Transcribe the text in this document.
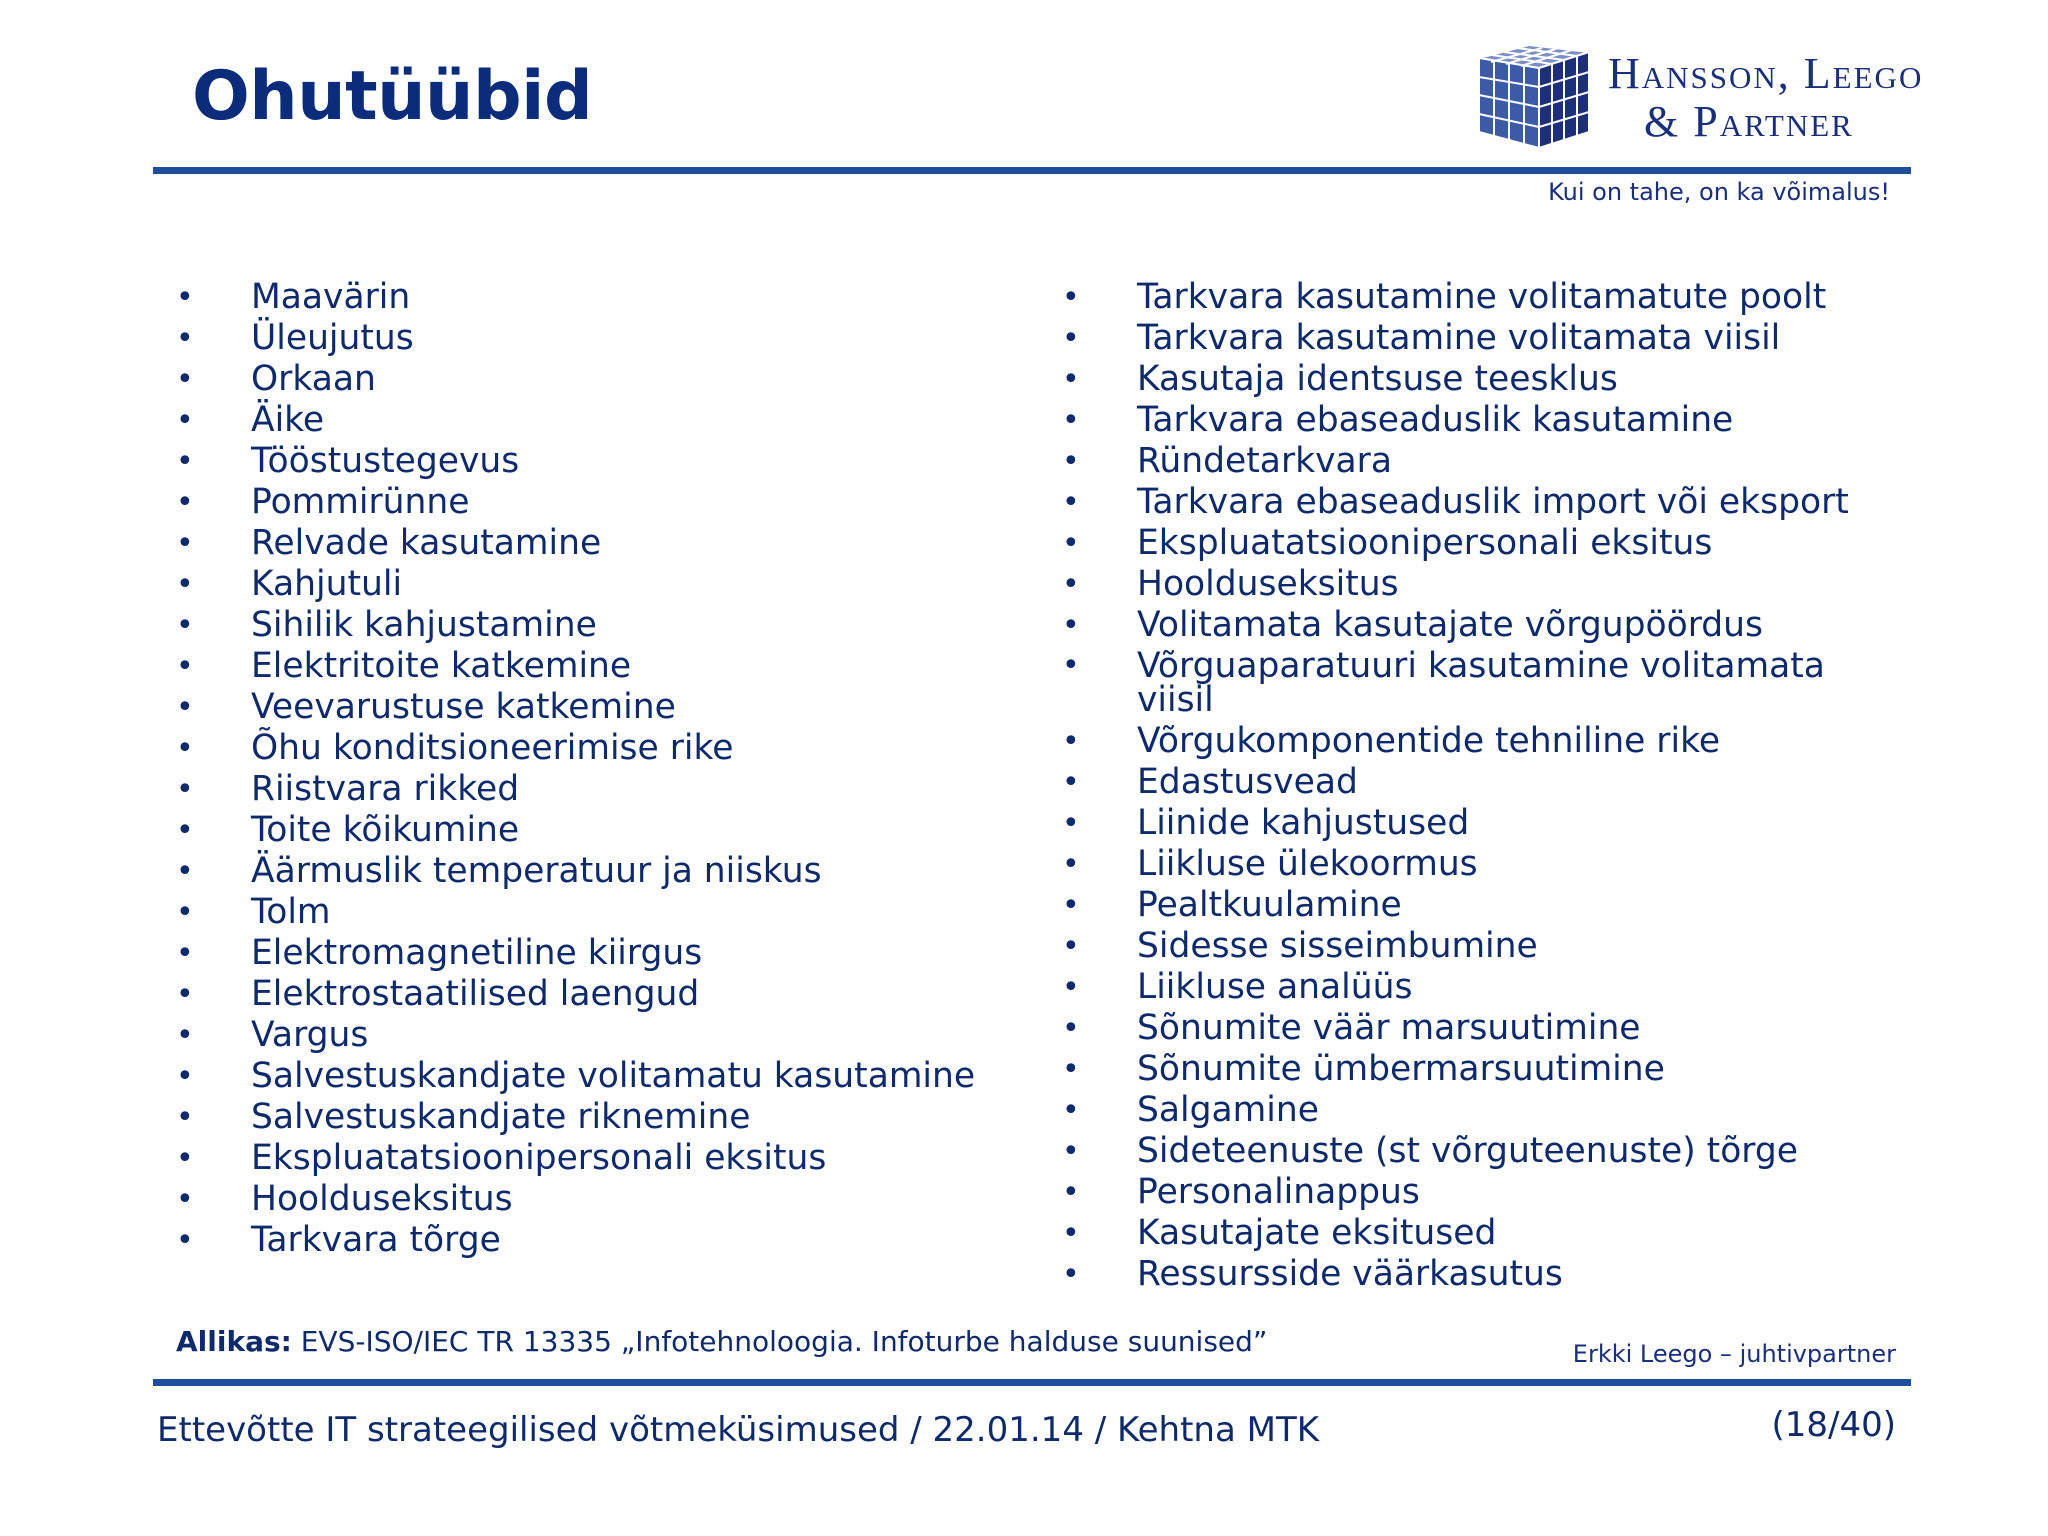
Ohutüübid	Hansson, Leego
& Partner
Kui on tahe, on ka võimalus!
• Maavärin
• Üleujutus
• Orkaan
• Äike
• Tööstustegevus
• Pommirünne
• Relvade kasutamine
• Kahjutuli
• Sihilik kahjustamine
• Elektritoite katkemine
• Veevarustuse katkemine
• Õhu konditsioneerimise rike
• Riistvara rikked
• Toite kõikumine
• Äärmuslik temperatuur ja niiskus
• Tolm
• Elektromagnetiline kiirgus
• Elektrostaatilised laengud
• Vargus
• Salvestuskandjate volitamatu kasutamine
• Salvestuskandjate riknemine
• Ekspluatatsioonipersonali eksitus
• Hoolduseksitus
• Tarkvara tõrge
• Tarkvara kasutamine volitamatute poolt
• Tarkvara kasutamine volitamata viisil
• Kasutaja identsuse teesklus
• Tarkvara ebaseaduslik kasutamine
• Ründetarkvara
• Tarkvara ebaseaduslik import või eksport
• Ekspluatatsioonipersonali eksitus
• Hoolduseksitus
• Volitamata kasutajate võrgupöördus
• Võrguaparatuuri kasutamine volitamata viisil
• Võrgukomponentide tehniline rike
• Edastusvead
• Liinide kahjustused
• Liikluse ülekoormus
• Pealtkuulamine
• Sidesse sisseimbumine
• Liikluse analüüs
• Sõnumite väär marsuutimine
• Sõnumite ümbermarsuutimine
• Salgamine
• Sideteenuste (st võrguteenuste) tõrge
• Personalinappus
• Kasutajate eksitused
• Ressursside väärkasutus
Allikas: EVS-ISO/IEC TR 13335 „Infotehnoloogia. Infoturbe halduse suunised”	Erkki Leego – juhtivpartner
Ettevõtte IT strateegilised võtmeküsimused / 22.01.14 / Kehtna MTK	(18/40)
